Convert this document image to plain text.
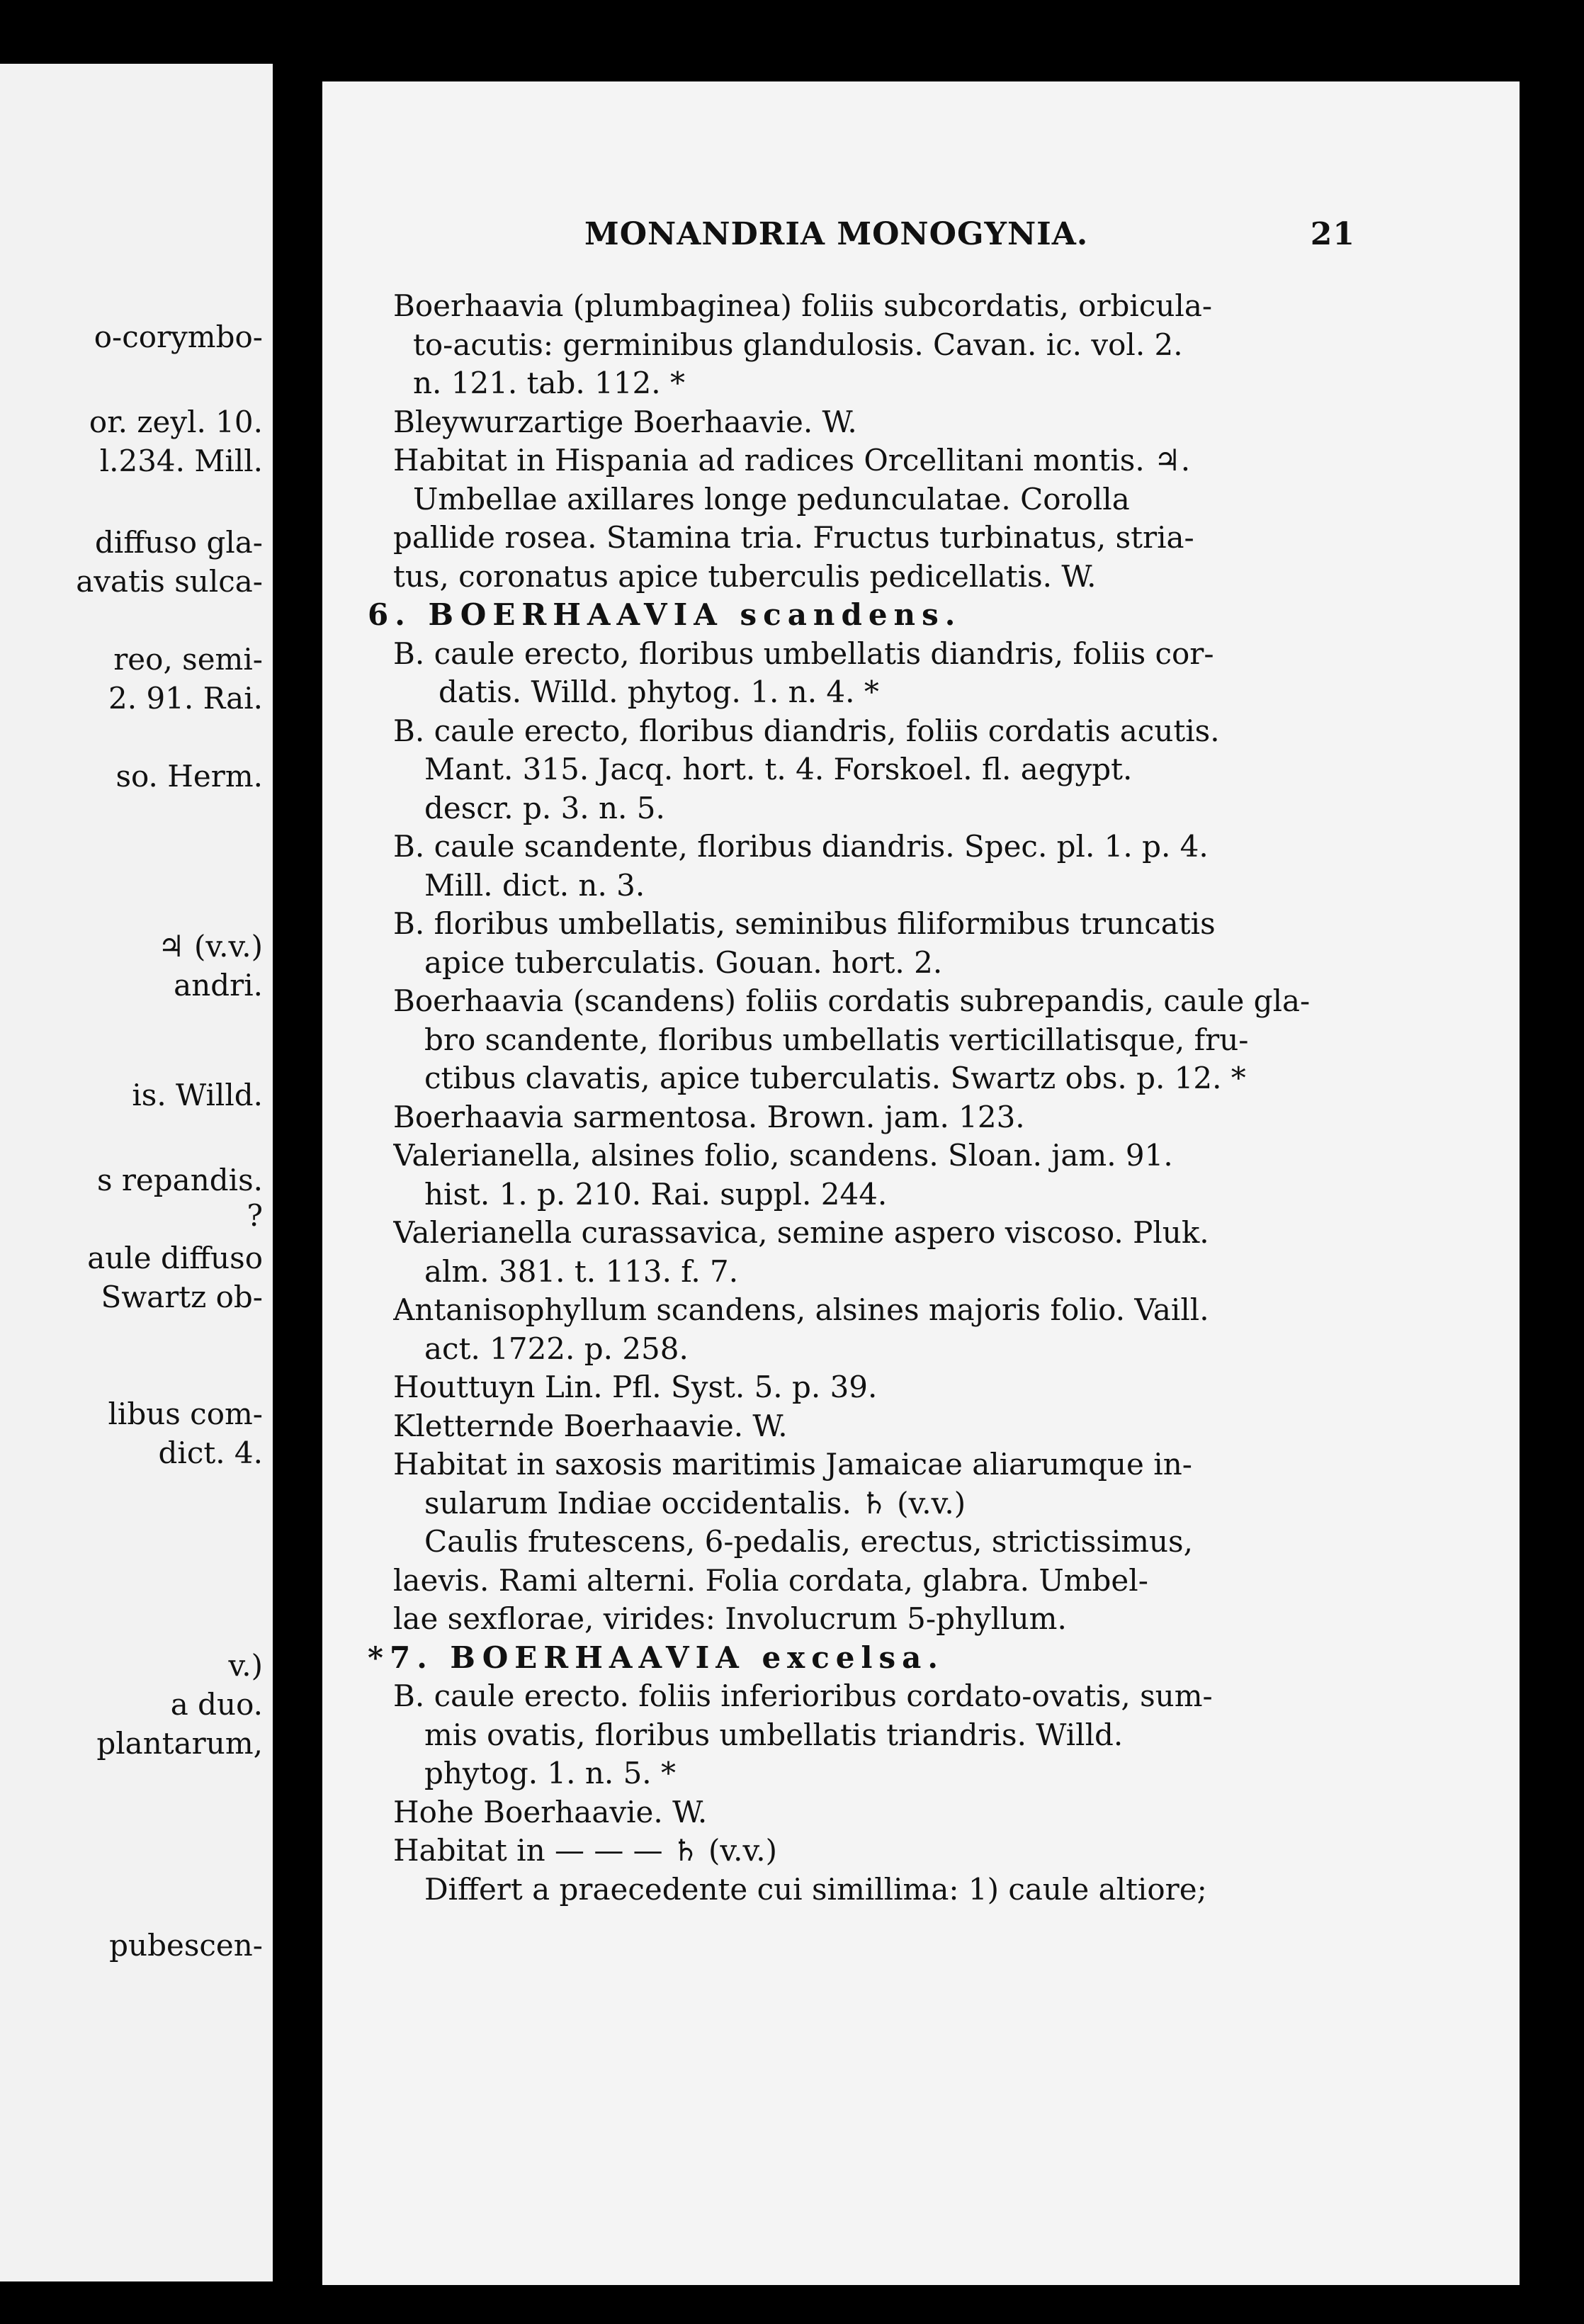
o-corymbo-
or. zeyl. 10.
l.234. Mill.
diffuso gla-
avatis sulca-
reo, semi-
2. 91. Rai.
so. Herm.
♃ (v.v.)
andri.
is. Willd.
s repandis.
?
aule diffuso
Swartz ob-
libus com-
dict. 4.
v.)
a duo.
plantarum,
pubescen-
MONANDRIA MONOGYNIA.	21
Boerhaavia (plumbaginea) foliis subcordatis, orbicula-
to-acutis: germinibus glandulosis. Cavan. ic. vol. 2.
n. 121. tab. 112. *
Bleywurzartige Boerhaavie. W.
Habitat in Hispania ad radices Orcellitani montis. ♃.
Umbellae axillares longe pedunculatae. Corolla
pallide rosea. Stamina tria. Fructus turbinatus, stria-
tus, coronatus apice tuberculis pedicellatis. W.
6. BOERHAAVIA scandens.
B. caule erecto, floribus umbellatis diandris, foliis cor-
datis. Willd. phytog. 1. n. 4. *
B. caule erecto, floribus diandris, foliis cordatis acutis.
Mant. 315. Jacq. hort. t. 4. Forskoel. fl. aegypt.
descr. p. 3. n. 5.
B. caule scandente, floribus diandris. Spec. pl. 1. p. 4.
Mill. dict. n. 3.
B. floribus umbellatis, seminibus filiformibus truncatis
apice tuberculatis. Gouan. hort. 2.
Boerhaavia (scandens) foliis cordatis subrepandis, caule gla-
bro scandente, floribus umbellatis verticillatisque, fru-
ctibus clavatis, apice tuberculatis. Swartz obs. p. 12. *
Boerhaavia sarmentosa. Brown. jam. 123.
Valerianella, alsines folio, scandens. Sloan. jam. 91.
hist. 1. p. 210. Rai. suppl. 244.
Valerianella curassavica, semine aspero viscoso. Pluk.
alm. 381. t. 113. f. 7.
Antanisophyllum scandens, alsines majoris folio. Vaill.
act. 1722. p. 258.
Houttuyn Lin. Pfl. Syst. 5. p. 39.
Kletternde Boerhaavie. W.
Habitat in saxosis maritimis Jamaicae aliarumque in-
sularum Indiae occidentalis. ♄ (v.v.)
Caulis frutescens, 6-pedalis, erectus, strictissimus,
laevis. Rami alterni. Folia cordata, glabra. Umbel-
lae sexflorae, virides: Involucrum 5-phyllum.
*7. BOERHAAVIA excelsa.
B. caule erecto. foliis inferioribus cordato-ovatis, sum-
mis ovatis, floribus umbellatis triandris. Willd.
phytog. 1. n. 5. *
Hohe Boerhaavie. W.
Habitat in — — — ♄ (v.v.)
Differt a praecedente cui simillima: 1) caule altiore;
